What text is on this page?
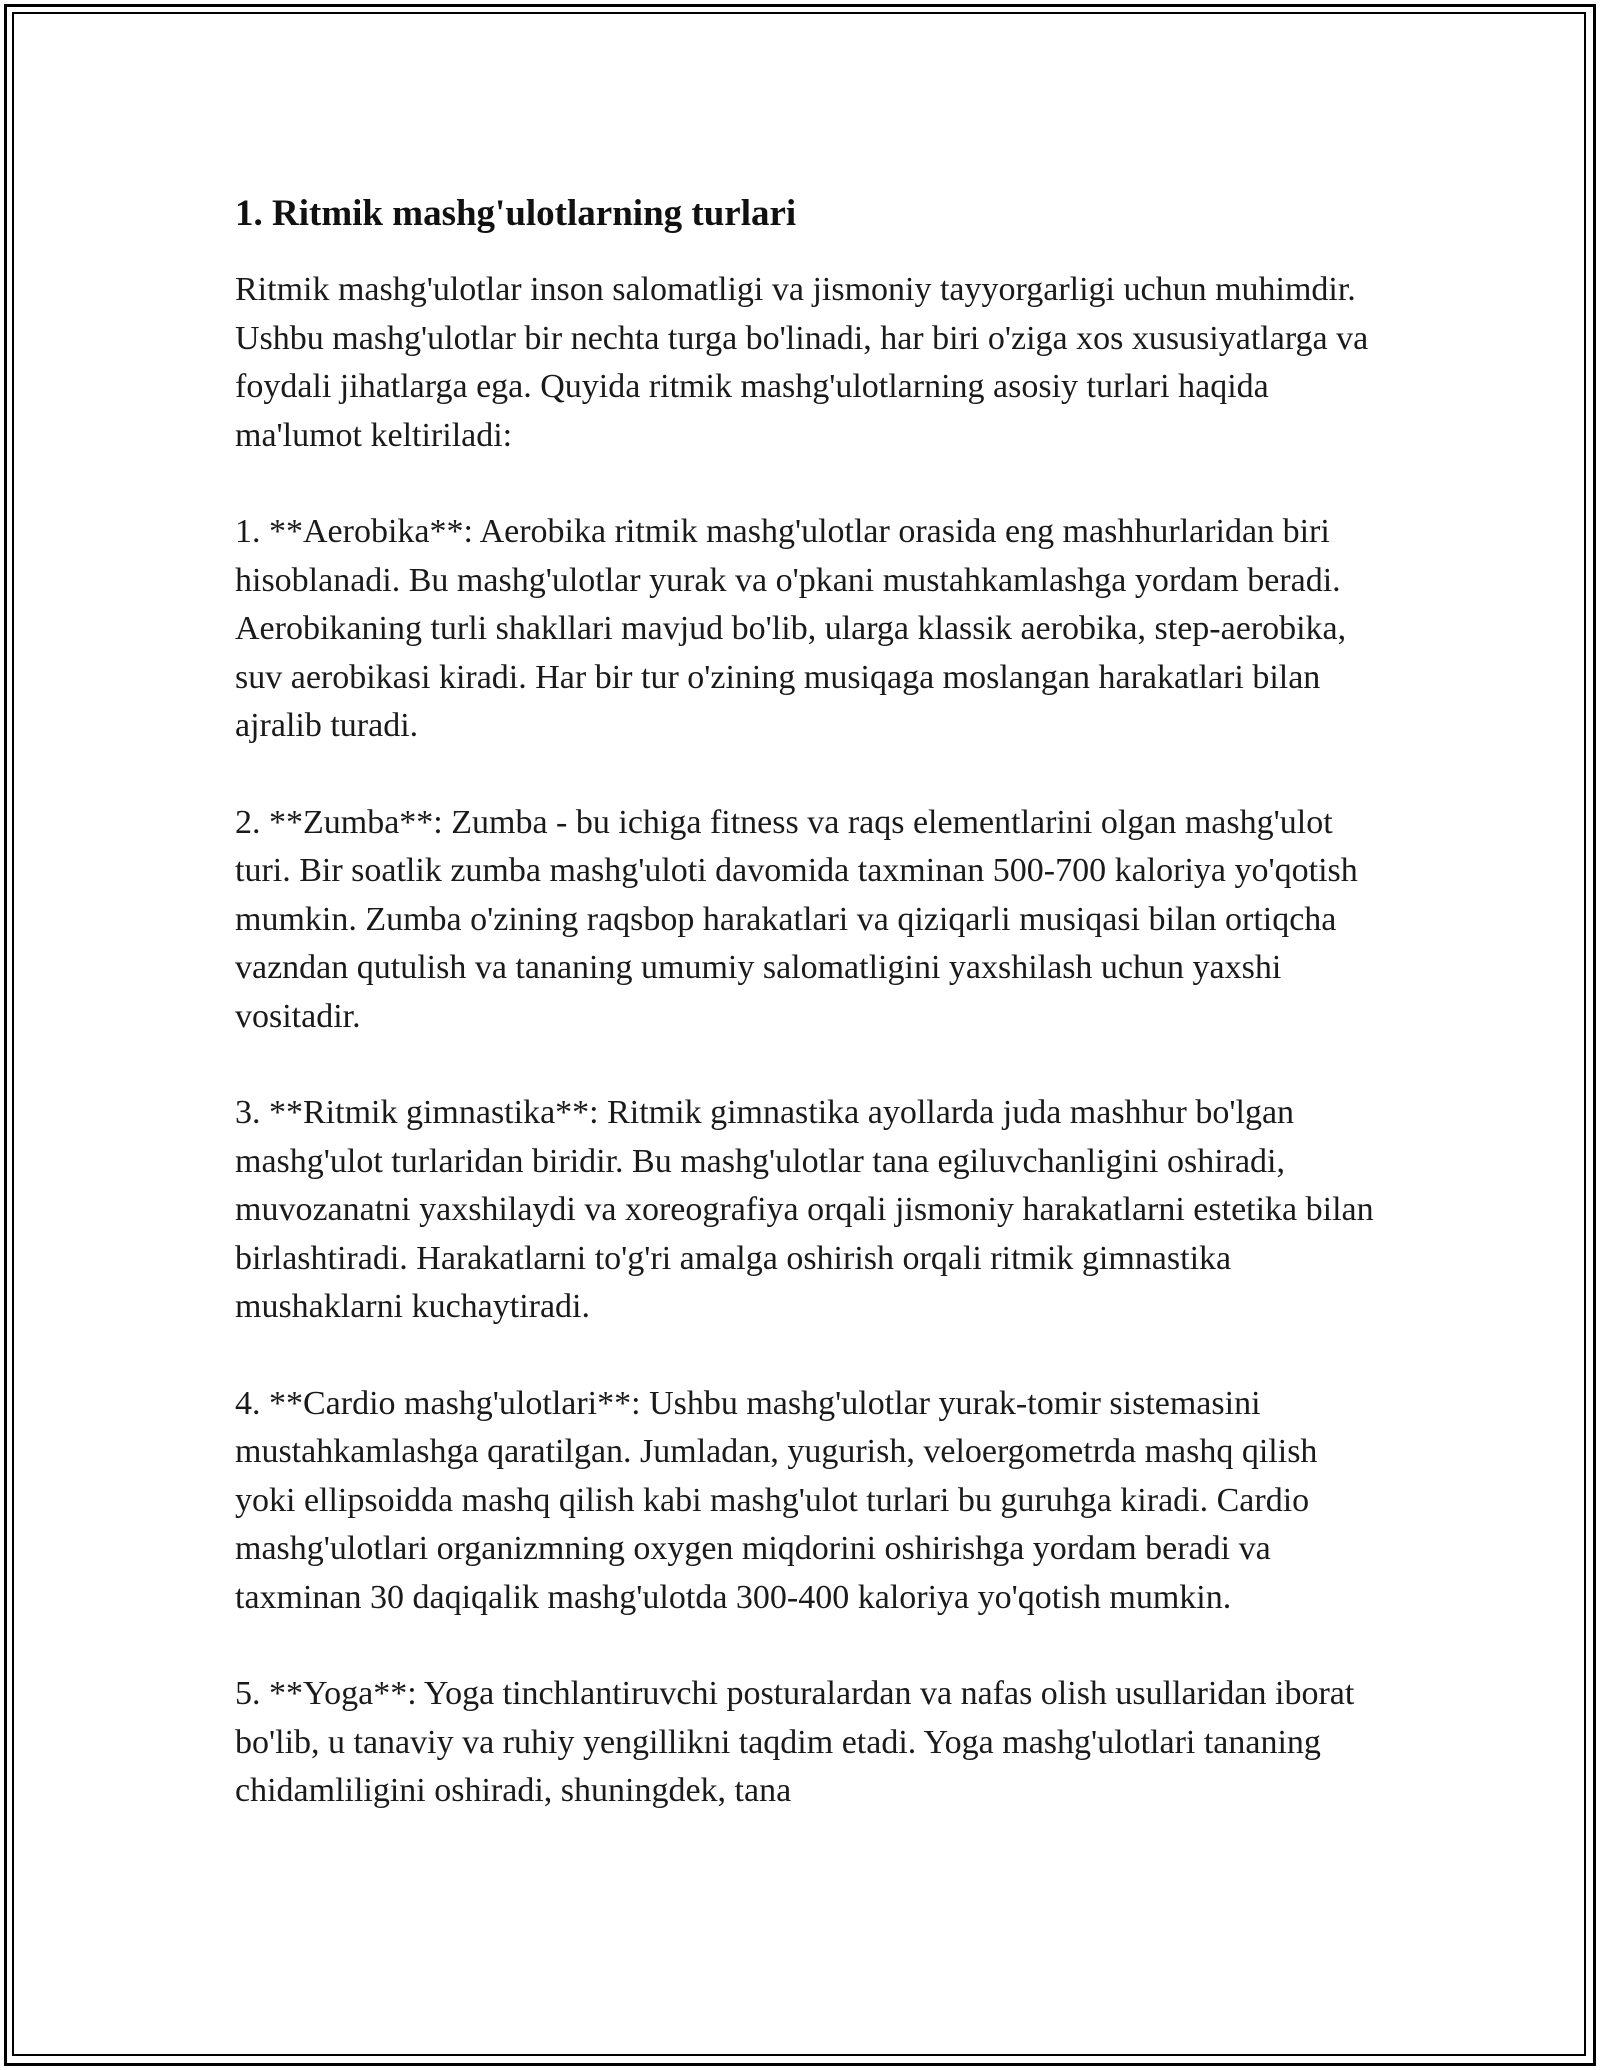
1. Ritmik mashg'ulotlarning turlari

Ritmik mashg'ulotlar inson salomatligi va jismoniy tayyorgarligi uchun muhimdir. Ushbu mashg'ulotlar bir nechta turga bo'linadi, har biri o'ziga xos xususiyatlarga va foydali jihatlarga ega. Quyida ritmik mashg'ulotlarning asosiy turlari haqida ma'lumot keltiriladi:

1. **Aerobika**: Aerobika ritmik mashg'ulotlar orasida eng mashhurlaridan biri hisoblanadi. Bu mashg'ulotlar yurak va o'pkani mustahkamlashga yordam beradi. Aerobikaning turli shakllari mavjud bo'lib, ularga klassik aerobika, step-aerobika, suv aerobikasi kiradi. Har bir tur o'zining musiqaga moslangan harakatlari bilan ajralib turadi.

2. **Zumba**: Zumba - bu ichiga fitness va raqs elementlarini olgan mashg'ulot turi. Bir soatlik zumba mashg'uloti davomida taxminan 500-700 kaloriya yo'qotish mumkin. Zumba o'zining raqsbop harakatlari va qiziqarli musiqasi bilan ortiqcha vazndan qutulish va tananing umumiy salomatligini yaxshilash uchun yaxshi vositadir.

3. **Ritmik gimnastika**: Ritmik gimnastika ayollarda juda mashhur bo'lgan mashg'ulot turlaridan biridir. Bu mashg'ulotlar tana egiluvchanligini oshiradi, muvozanatni yaxshilaydi va xoreografiya orqali jismoniy harakatlarni estetika bilan birlashtiradi. Harakatlarni to'g'ri amalga oshirish orqali ritmik gimnastika mushaklarni kuchaytiradi.

4. **Cardio mashg'ulotlari**: Ushbu mashg'ulotlar yurak-tomir sistemasini mustahkamlashga qaratilgan. Jumladan, yugurish, veloergometrda mashq qilish yoki ellipsoidda mashq qilish kabi mashg'ulot turlari bu guruhga kiradi. Cardio mashg'ulotlari organizmning oxygen miqdorini oshirishga yordam beradi va taxminan 30 daqiqalik mashg'ulotda 300-400 kaloriya yo'qotish mumkin.

5. **Yoga**: Yoga tinchlantiruvchi posturalardan va nafas olish usullaridan iborat bo'lib, u tanaviy va ruhiy yengillikni taqdim etadi. Yoga mashg'ulotlari tananing chidamliligini oshiradi, shuningdek, tana
